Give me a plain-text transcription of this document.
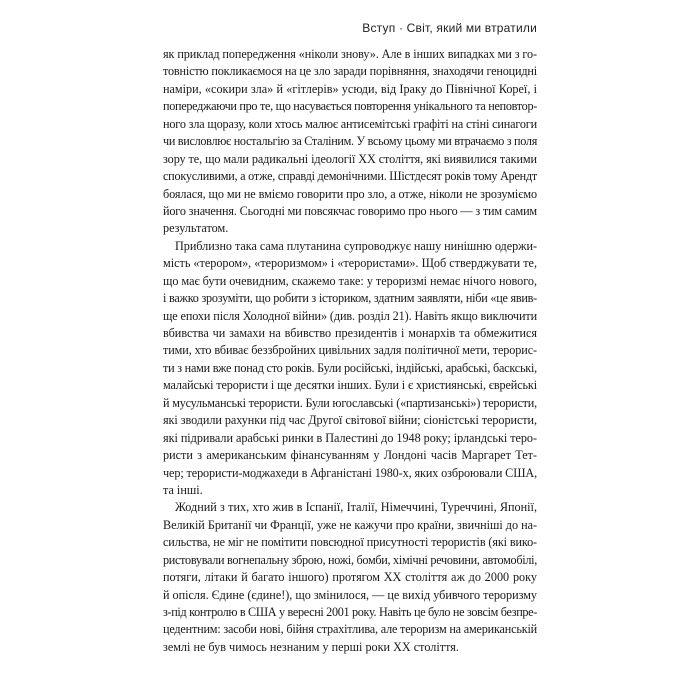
Вступ · Світ, який ми втратили
як приклад попередження «ніколи знову». Але в інших випадках ми з го-
товністю покликаємося на це зло заради порівняння, знаходячи геноцидні
наміри, «сокири зла» й «гітлерів» усюди, від Іраку до Північної Кореї, і
попереджаючи про те, що насувається повторення унікального та неповтор-
ного зла щоразу, коли хтось малює антисемітські графіті на стіні синагоги
чи висловлює ностальгію за Сталіним. У всьому цьому ми втрачаємо з поля
зору те, що мали радикальні ідеології XX століття, які виявилися такими
спокусливими, а отже, справді демонічними. Шістдесят років тому Арендт
боялася, що ми не вміємо говорити про зло, а отже, ніколи не зрозуміємо
його значення. Сьогодні ми повсякчас говоримо про нього — з тим самим
результатом.
Приблизно така сама плутанина супроводжує нашу нинішню одержи-
мість «терором», «тероризмом» і «терористами». Щоб стверджувати те,
що має бути очевидним, скажемо таке: у тероризмі немає нічого нового,
і важко зрозуміти, що робити з істориком, здатним заявляти, ніби «це явив-
ще епохи після Холодної війни» (див. розділ 21). Навіть якщо виключити
вбивства чи замахи на вбивство президентів і монархів та обмежитися
тими, хто вбиває беззбройних цивільних задля політичної мети, терорис-
ти з нами вже понад сто років. Були російські, індійські, арабські, баскські,
малайські терористи і ще десятки інших. Були і є християнські, єврейські
й мусульманські терористи. Були югославські («партизанські») терористи,
які зводили рахунки під час Другої світової війни; сіоністські терористи,
які підривали арабські ринки в Палестині до 1948 року; ірландські теро-
ристи з американським фінансуванням у Лондоні часів Маргарет Тет-
чер; терористи-моджахеди в Афганістані 1980-х, яких озброювали США,
та інші.
Жодний з тих, хто жив в Іспанії, Італії, Німеччині, Туреччині, Японії,
Великій Британії чи Франції, уже не кажучи про країни, звичніші до на-
сильства, не міг не помітити повсюдної присутності терористів (які вико-
ристовували вогнепальну зброю, ножі, бомби, хімічні речовини, автомобілі,
потяги, літаки й багато іншого) протягом XX століття аж до 2000 року
й опісля. Єдине (єдине!), що змінилося, — це вихід убивчого тероризму
з-під контролю в США у вересні 2001 року. Навіть це було не зовсім безпре-
цедентним: засоби нові, бійня страхітлива, але тероризм на американській
землі не був чимось незнаним у перші роки XX століття.
